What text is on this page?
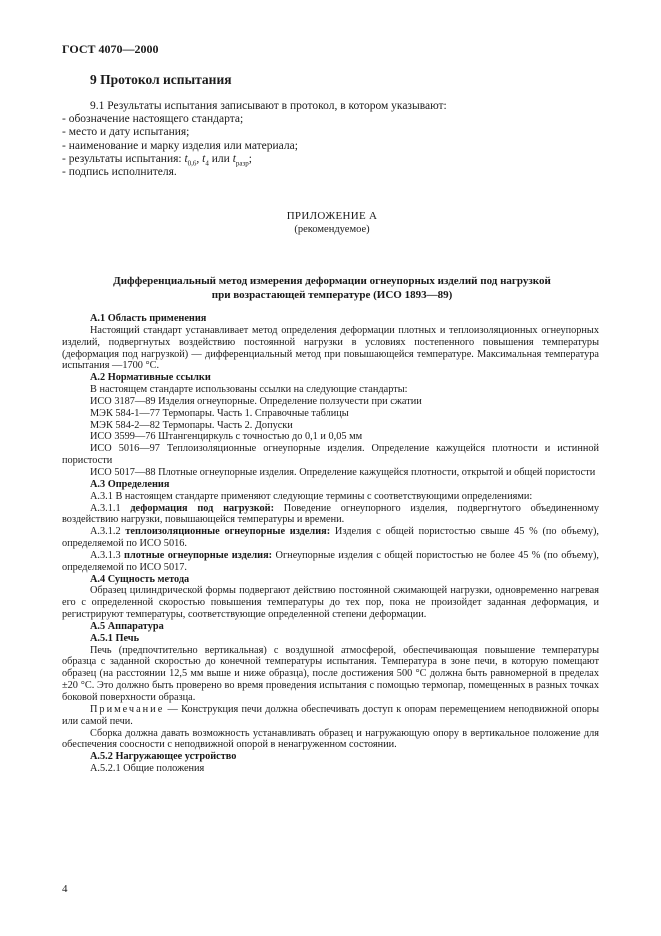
ГОСТ 4070—2000
9 Протокол испытания
9.1 Результаты испытания записывают в протокол, в котором указывают:
- обозначение настоящего стандарта;
- место и дату испытания;
- наименование и марку изделия или материала;
- результаты испытания: $t_{0,6}$, $t_4$ или $t_{разр}$;
- подпись исполнителя.
ПРИЛОЖЕНИЕ А
(рекомендуемое)
Дифференциальный метод измерения деформации огнеупорных изделий под нагрузкой
при возрастающей температуре (ИСО 1893—89)

А.1 Область применения

Настоящий стандарт устанавливает метод определения деформации плотных и теплоизоляционных огнеупорных изделий, подвергнутых воздействию постоянной нагрузки в условиях постепенного повышения температуры (деформация под нагрузкой) — дифференциальный метод при повышающейся температуре. Максимальная температура испытания —1700 °С.

А.2 Нормативные ссылки

В настоящем стандарте использованы ссылки на следующие стандарты:

ИСО 3187—89 Изделия огнеупорные. Определение ползучести при сжатии

МЭК 584-1—77 Термопары. Часть 1. Справочные таблицы

МЭК 584-2—82 Термопары. Часть 2. Допуски

ИСО 3599—76 Штангенциркуль с точностью до 0,1 и 0,05 мм

ИСО 5016—97 Теплоизоляционные огнеупорные изделия. Определение кажущейся плотности и истинной пористости

ИСО 5017—88 Плотные огнеупорные изделия. Определение кажущейся плотности, открытой и общей пористости

А.3 Определения

А.3.1 В настоящем стандарте применяют следующие термины с соответствующими определениями:

А.3.1.1 деформация под нагрузкой: Поведение огнеупорного изделия, подвергнутого объединенному воздействию нагрузки, повышающейся температуры и времени.

А.3.1.2 теплоизоляционные огнеупорные изделия: Изделия с общей пористостью свыше 45 % (по объему), определяемой по ИСО 5016.

А.3.1.3 плотные огнеупорные изделия: Огнеупорные изделия с общей пористостью не более 45 % (по объему), определяемой по ИСО 5017.

А.4 Сущность метода

Образец цилиндрической формы подвергают действию постоянной сжимающей нагрузки, одновременно нагревая его с определенной скоростью повышения температуры до тех пор, пока не произойдет заданная деформация, и регистрируют температуры, соответствующие определенной степени деформации.

А.5 Аппаратура

А.5.1 Печь

Печь (предпочтительно вертикальная) с воздушной атмосферой, обеспечивающая повышение температуры образца с заданной скоростью до конечной температуры испытания. Температура в зоне печи, в которую помещают образец (на расстоянии 12,5 мм выше и ниже образца), после достижения 500 °С должна быть равномерной в пределах ±20 °С. Это должно быть проверено во время проведения испытания с помощью термопар, помещенных в разных точках боковой поверхности образца.

Примечание — Конструкция печи должна обеспечивать доступ к опорам перемещением неподвижной опоры или самой печи.

Сборка должна давать возможность устанавливать образец и нагружающую опору в вертикальное положение для обеспечения соосности с неподвижной опорой в ненагруженном состоянии.

А.5.2 Нагружающее устройство

А.5.2.1 Общие положения

4
